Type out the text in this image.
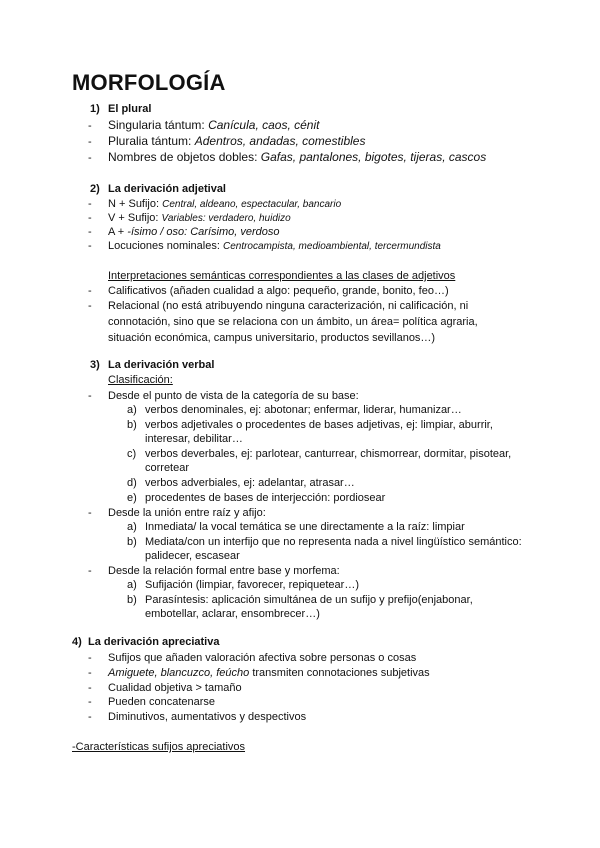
MORFOLOGÍA
1) El plural
- Singularia tántum: Canícula, caos, cénit

- Pluralia tántum: Adentros, andadas, comestibles

- Nombres de objetos dobles: Gafas, pantalones, bigotes, tijeras, cascos

2) La derivación adjetival
- N + Sufijo: Central, aldeano, espectacular, bancario

- V + Sufijo: Variables: verdadero, huidizo

- A + -ísimo / oso: Carísimo, verdoso

- Locuciones nominales: Centrocampista, medioambiental, tercermundista

Interpretaciones semánticas correspondientes a las clases de adjetivos

- Calificativos (añaden cualidad a algo: pequeño, grande, bonito, feo…)

- Relacional (no está atribuyendo ninguna caracterización, ni calificación, ni

connotación, sino que se relaciona con un ámbito, un área= política agraria,

situación económica, campus universitario, productos sevillanos…)

3) La derivación verbal

Clasificación:

- Desde el punto de vista de la categoría de su base:

a) verbos denominales, ej: abotonar; enfermar, liderar, humanizar…

b) verbos adjetivales o procedentes de bases adjetivas, ej: limpiar, aburrir,

interesar, debilitar…

c) verbos deverbales, ej: parlotear, canturrear, chismorrear, dormitar, pisotear,

corretear

d) verbos adverbiales, ej: adelantar, atrasar…

e) procedentes de bases de interjección: pordiosear

- Desde la unión entre raíz y afijo:

a) Inmediata/ la vocal temática se une directamente a la raíz: limpiar

b) Mediata/con un interfijo que no representa nada a nivel lingüístico semántico:

palidecer, escasear

- Desde la relación formal entre base y morfema:

a) Sufijación (limpiar, favorecer, repiquetear…)

b) Parasíntesis: aplicación simultánea de un sufijo y prefijo(enjabonar,

embotellar, aclarar, ensombrecer…)

4) La derivación apreciativa
- Sufijos que añaden valoración afectiva sobre personas o cosas

- Amiguete, blancuzco, feúcho transmiten connotaciones subjetivas

- Cualidad objetiva > tamaño

- Pueden concatenarse

- Diminutivos, aumentativos y despectivos

-Características sufijos apreciativos
